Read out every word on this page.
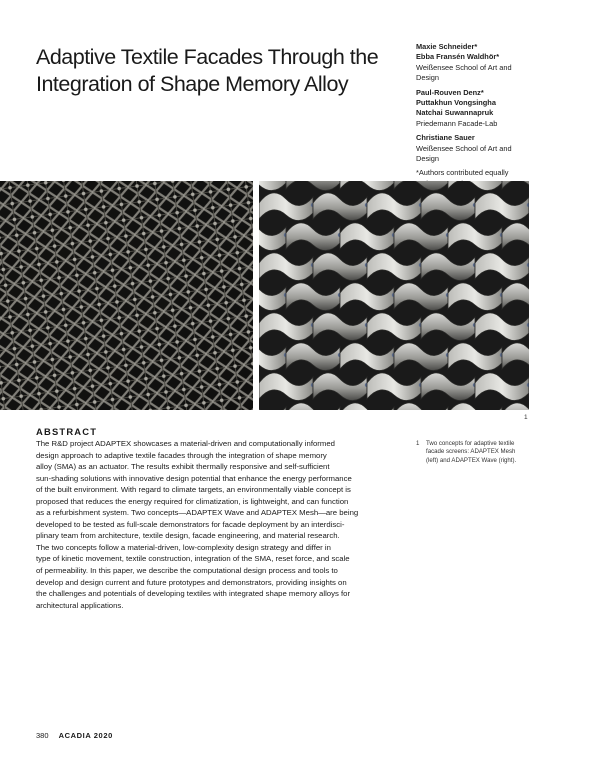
Adaptive Textile Facades Through the
Integration of Shape Memory Alloy
Maxie Schneider*
Ebba Fransén Waldhör*
Weißensee School of Art and
Design
Paul-Rouven Denz*
Puttakhun Vongsingha
Natchai Suwannapruk
Priedemann Facade-Lab
Christiane Sauer
Weißensee School of Art and
Design
*Authors contributed equally
1
ABSTRACT
The R&D project ADAPTEX showcases a material-driven and computationally informed
design approach to adaptive textile facades through the integration of shape memory
alloy (SMA) as an actuator. The results exhibit thermally responsive and self-sufficient
sun-shading solutions with innovative design potential that enhance the energy performance
of the built environment. With regard to climate targets, an environmentally viable concept is
proposed that reduces the energy required for climatization, is lightweight, and can function
as a refurbishment system. Two concepts—ADAPTEX Wave and ADAPTEX Mesh—are being
developed to be tested as full-scale demonstrators for facade deployment by an interdisci-
plinary team from architecture, textile design, facade engineering, and material research.
The two concepts follow a material-driven, low-complexity design strategy and differ in
type of kinetic movement, textile construction, integration of the SMA, reset force, and scale
of permeability. In this paper, we describe the computational design process and tools to
develop and design current and future prototypes and demonstrators, providing insights on
the challenges and potentials of developing textiles with integrated shape memory alloys for
architectural applications.
1 Two concepts for adaptive textile
facade screens: ADAPTEX Mesh
(left) and ADAPTEX Wave (right).
380 ACADIA 2020
